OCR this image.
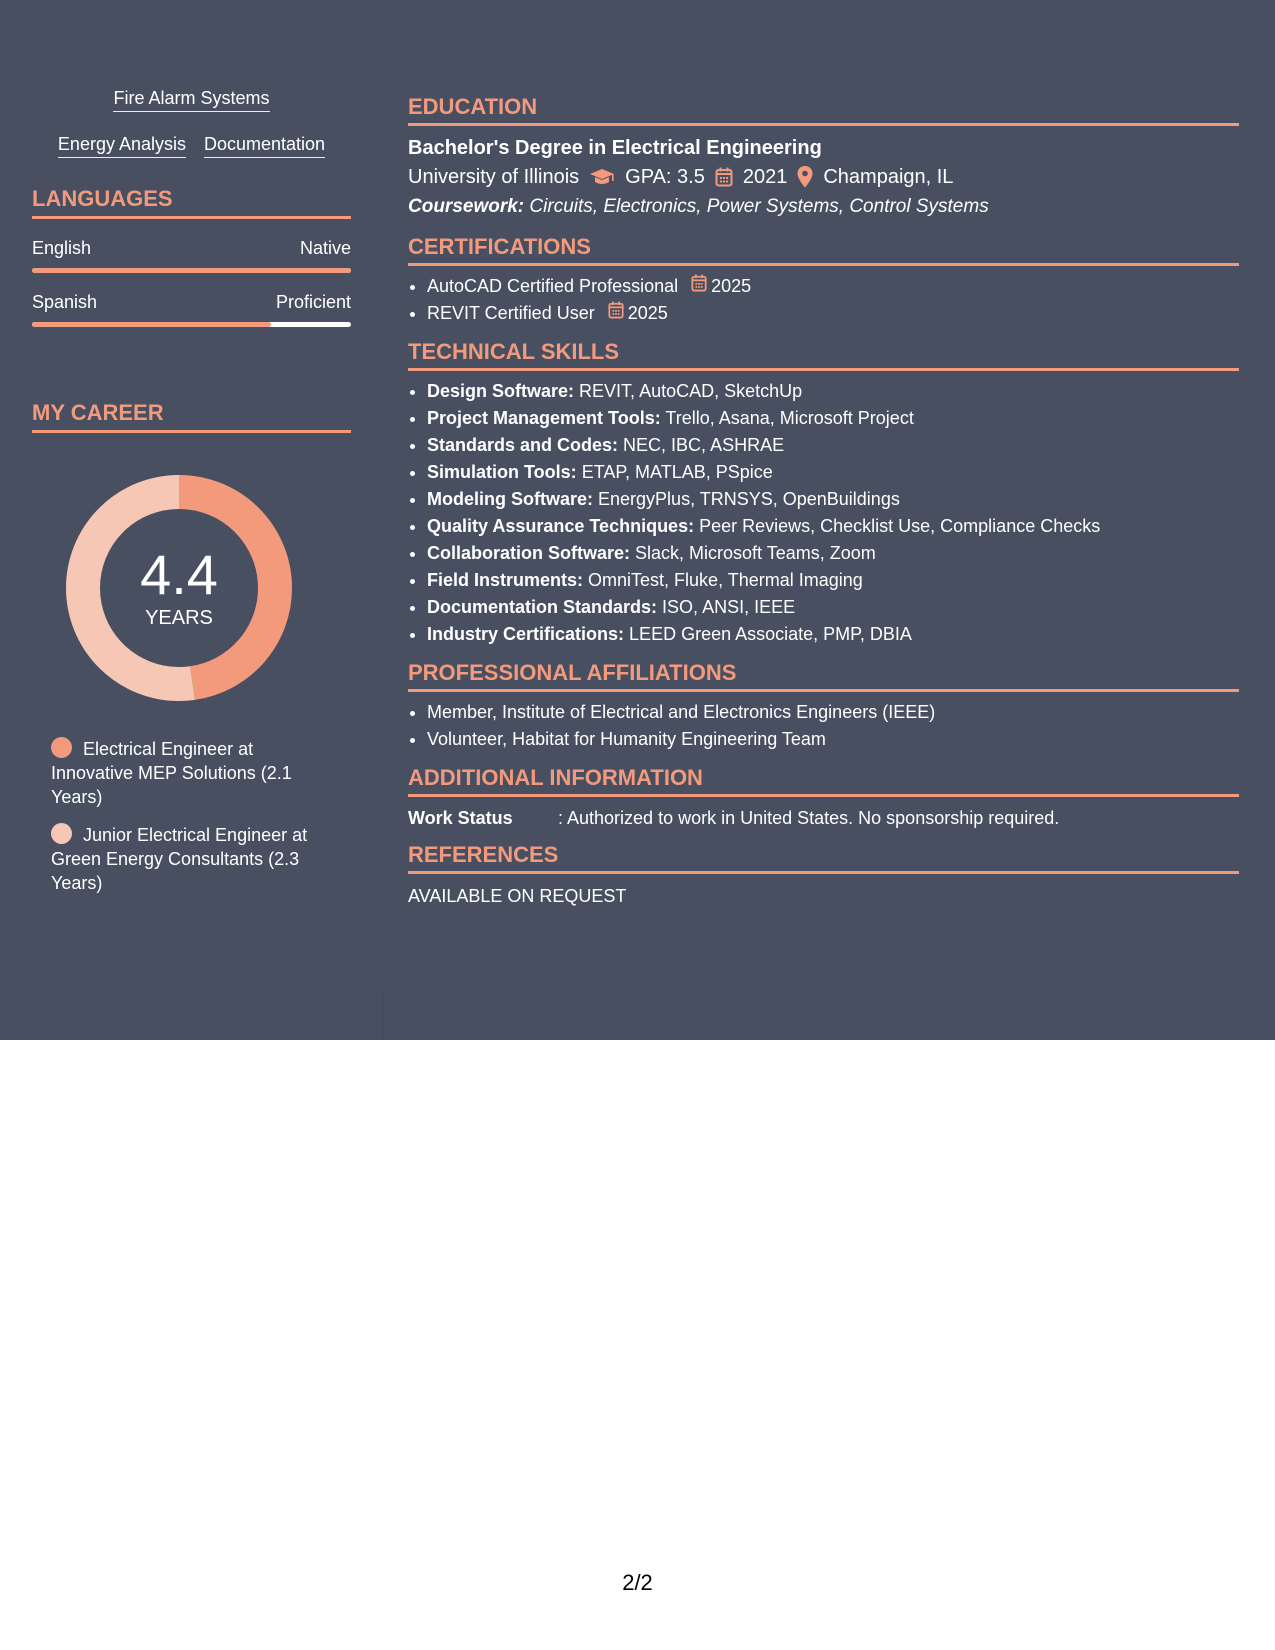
Fire Alarm Systems
Energy Analysis Documentation
LANGUAGES
English	Native
Spanish	Proficient
MY CAREER
4.4
YEARS
Electrical Engineer at Innovative MEP Solutions (2.1 Years)
Junior Electrical Engineer at Green Energy Consultants (2.3 Years)
EDUCATION
Bachelor's Degree in Electrical Engineering
University of Illinois GPA: 3.5 2021 Champaign, IL
Coursework: Circuits, Electronics, Power Systems, Control Systems
CERTIFICATIONS
• AutoCAD Certified Professional 2025
• REVIT Certified User 2025
TECHNICAL SKILLS
• Design Software: REVIT, AutoCAD, SketchUp
• Project Management Tools: Trello, Asana, Microsoft Project
• Standards and Codes: NEC, IBC, ASHRAE
• Simulation Tools: ETAP, MATLAB, PSpice
• Modeling Software: EnergyPlus, TRNSYS, OpenBuildings
• Quality Assurance Techniques: Peer Reviews, Checklist Use, Compliance Checks
• Collaboration Software: Slack, Microsoft Teams, Zoom
• Field Instruments: OmniTest, Fluke, Thermal Imaging
• Documentation Standards: ISO, ANSI, IEEE
• Industry Certifications: LEED Green Associate, PMP, DBIA
PROFESSIONAL AFFILIATIONS
• Member, Institute of Electrical and Electronics Engineers (IEEE)
• Volunteer, Habitat for Humanity Engineering Team
ADDITIONAL INFORMATION
Work Status	: Authorized to work in United States. No sponsorship required.
REFERENCES
AVAILABLE ON REQUEST
2/2
